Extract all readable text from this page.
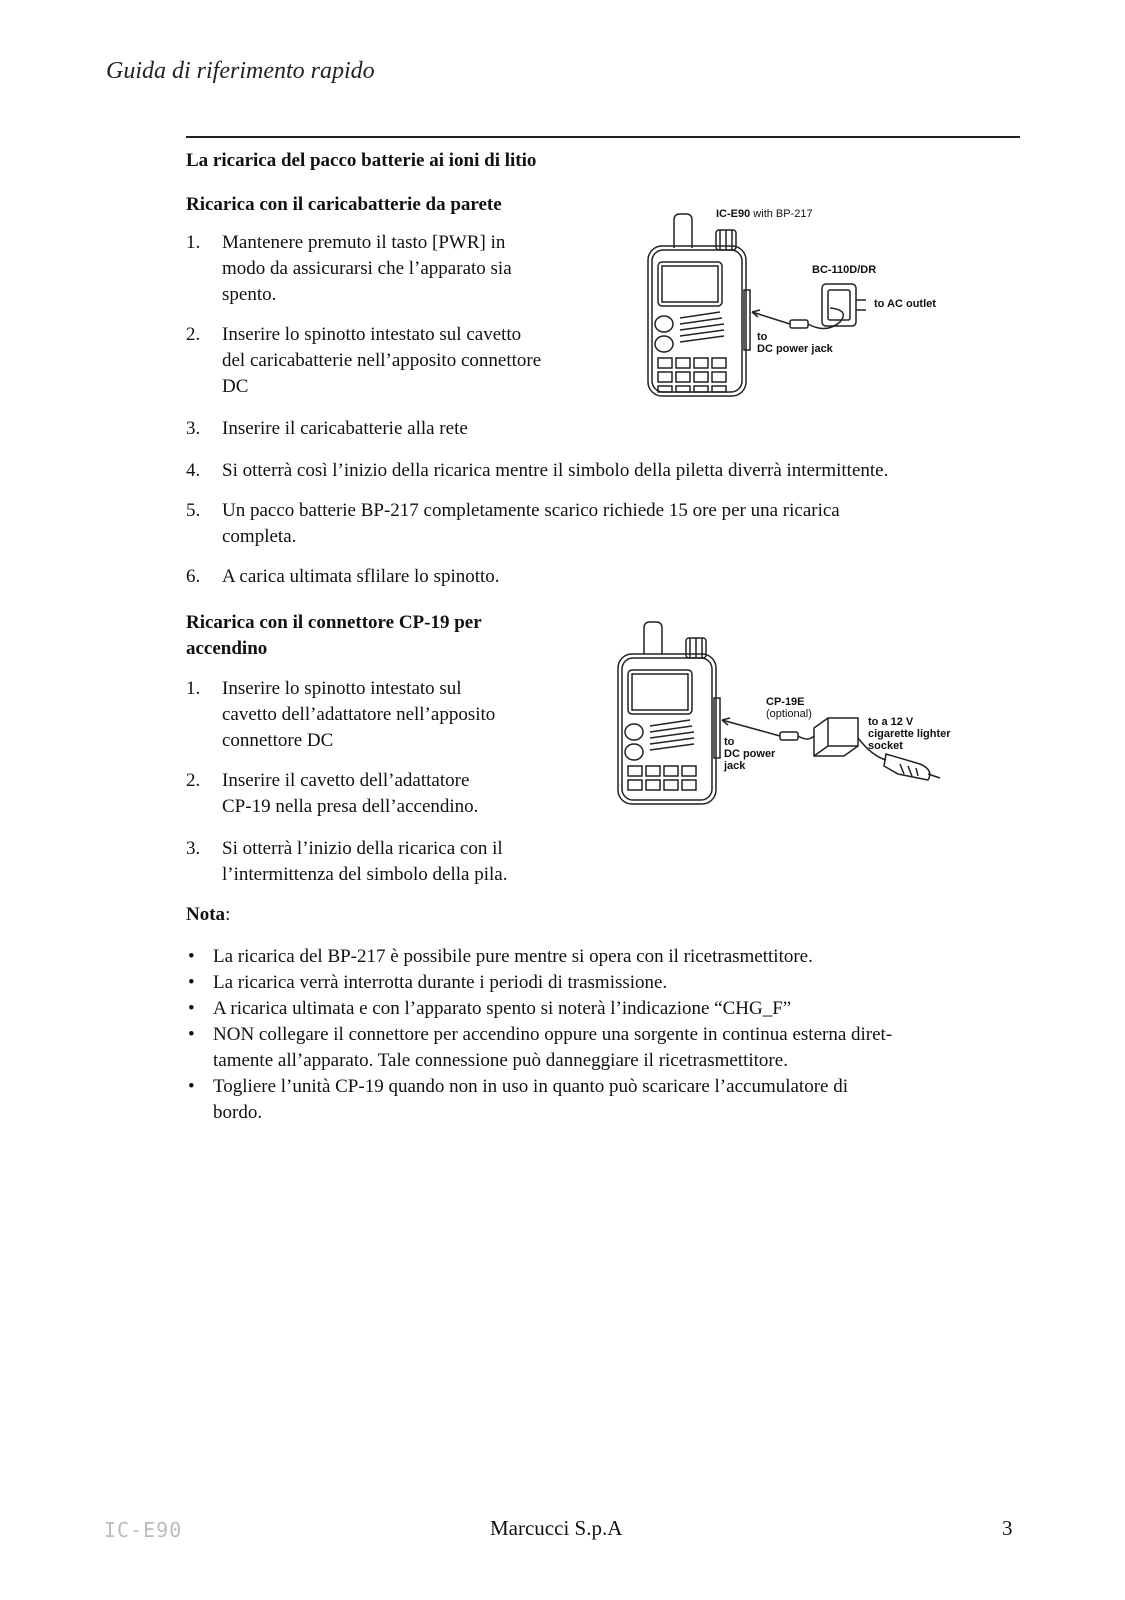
Guida di riferimento rapido
La ricarica del pacco batterie ai ioni di litio
Ricarica con il caricabatterie da parete
1.	Mantenere premuto il tasto [PWR] in
modo da assicurarsi che l’apparato sia
spento.
2.	Inserire lo spinotto intestato sul cavetto
del caricabatterie nell’apposito connettore
DC
3.	Inserire il caricabatterie alla rete
4.	Si otterrà così l’inizio della ricarica mentre il simbolo della piletta diverrà intermittente.
5.	Un pacco batterie BP-217 completamente scarico richiede 15 ore per una ricarica
completa.
6.	A carica ultimata sflilare lo spinotto.
IC-E90 with BP-217
BC-110D/DR
to AC outlet
to
DC power jack
Ricarica con il connettore CP-19 per
accendino
1.	Inserire lo spinotto intestato sul
cavetto dell’adattatore nell’apposito
connettore DC
2.	Inserire il cavetto dell’adattatore
CP-19 nella presa dell’accendino.
3.	Si otterrà l’inizio della ricarica con il
l’intermittenza del simbolo della pila.
CP-19E
(optional)
to a 12 V
cigarette lighter
socket
to
DC power
jack
Nota:
• La ricarica del BP-217 è possibile pure mentre si opera con il ricetrasmettitore.
• La ricarica verrà interrotta durante i periodi di trasmissione.
• A ricarica ultimata e con l’apparato spento si noterà l’indicazione “CHG_F”
• NON collegare il connettore per accendino oppure una sorgente in continua esterna diret-
tamente all’apparato. Tale connessione può danneggiare il ricetrasmettitore.
• Togliere l’unità CP-19 quando non in uso in quanto può scaricare l’accumulatore di
bordo.
IC-E90	Marcucci S.p.A	3
